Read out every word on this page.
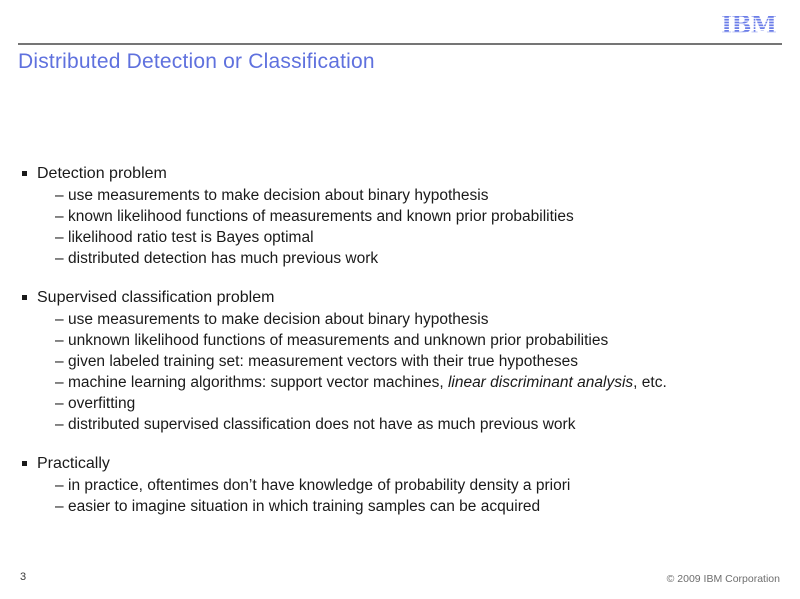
IBM
Distributed Detection or Classification
Detection problem
– use measurements to make decision about binary hypothesis
– known likelihood functions of measurements and known prior probabilities
– likelihood ratio test is Bayes optimal
– distributed detection has much previous work
Supervised classification problem
– use measurements to make decision about binary hypothesis
– unknown likelihood functions of measurements and unknown prior probabilities
– given labeled training set: measurement vectors with their true hypotheses
– machine learning algorithms: support vector machines, linear discriminant analysis, etc.
– overfitting
– distributed supervised classification does not have as much previous work
Practically
– in practice, oftentimes don’t have knowledge of probability density a priori
– easier to imagine situation in which training samples can be acquired
3	© 2009 IBM Corporation
